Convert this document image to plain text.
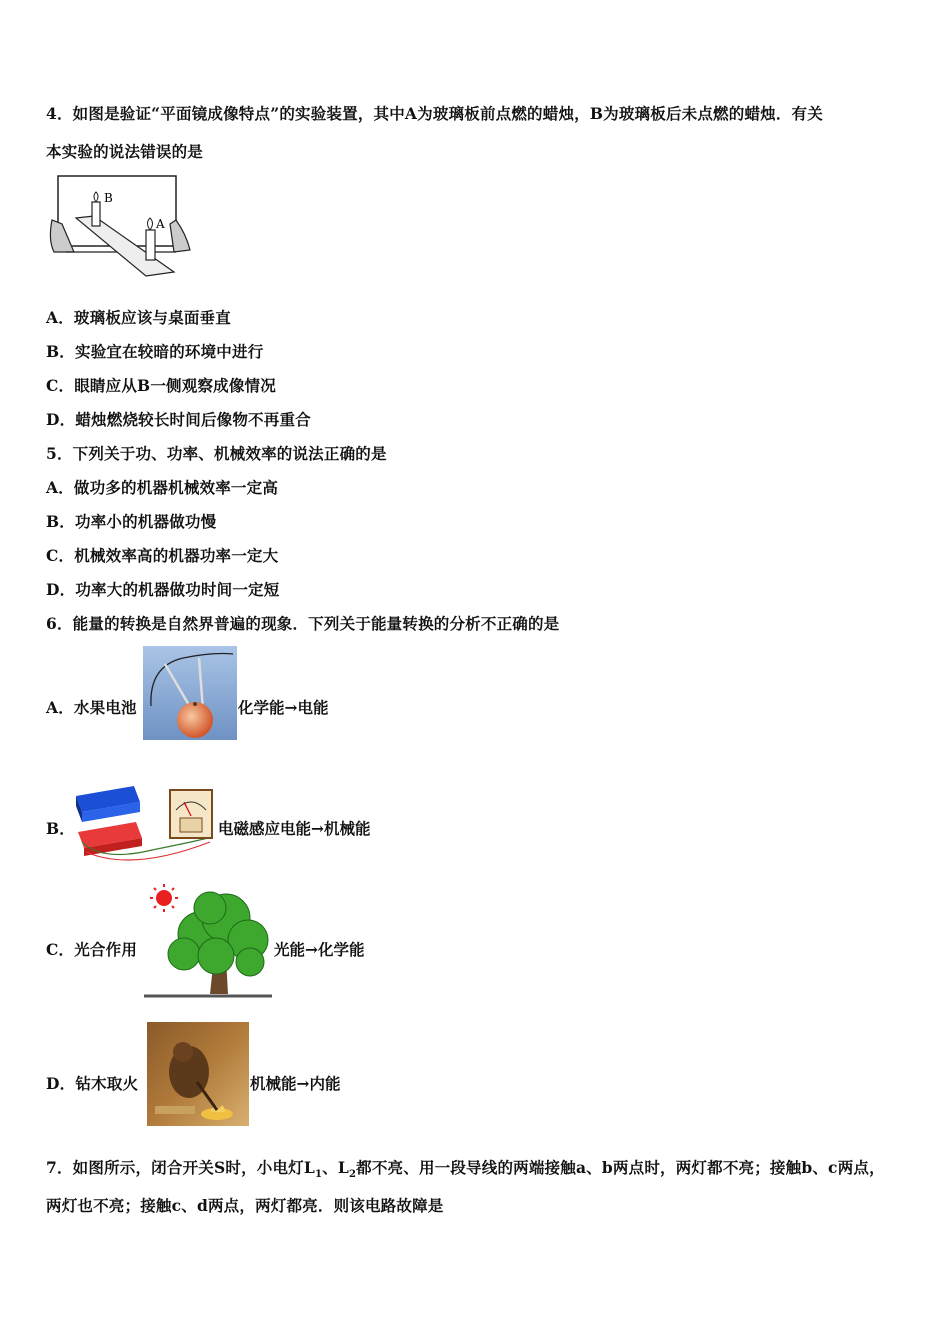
4．如图是验证“平面镜成像特点”的实验装置，其中A为玻璃板前点燃的蜡烛，B为玻璃板后未点燃的蜡烛．有关
本实验的说法错误的是
B
A
A．玻璃板应该与桌面垂直
B．实验宜在较暗的环境中进行
C．眼睛应从B一侧观察成像情况
D．蜡烛燃烧较长时间后像物不再重合
5．下列关于功、功率、机械效率的说法正确的是
A．做功多的机器机械效率一定高
B．功率小的机器做功慢
C．机械效率高的机器功率一定大
D．功率大的机器做功时间一定短
6．能量的转换是自然界普遍的现象．下列关于能量转换的分析不正确的是
A．水果电池	化学能→电能
B．	电磁感应电能→机械能
C．光合作用	光能→化学能
D．钻木取火	机械能→内能
7．如图所示，闭合开关S时，小电灯$L_1$、$L_2$都不亮、用一段导线的两端接触a、b两点时，两灯都不亮；接触b、c两点，
两灯也不亮；接触c、d两点，两灯都亮．则该电路故障是
